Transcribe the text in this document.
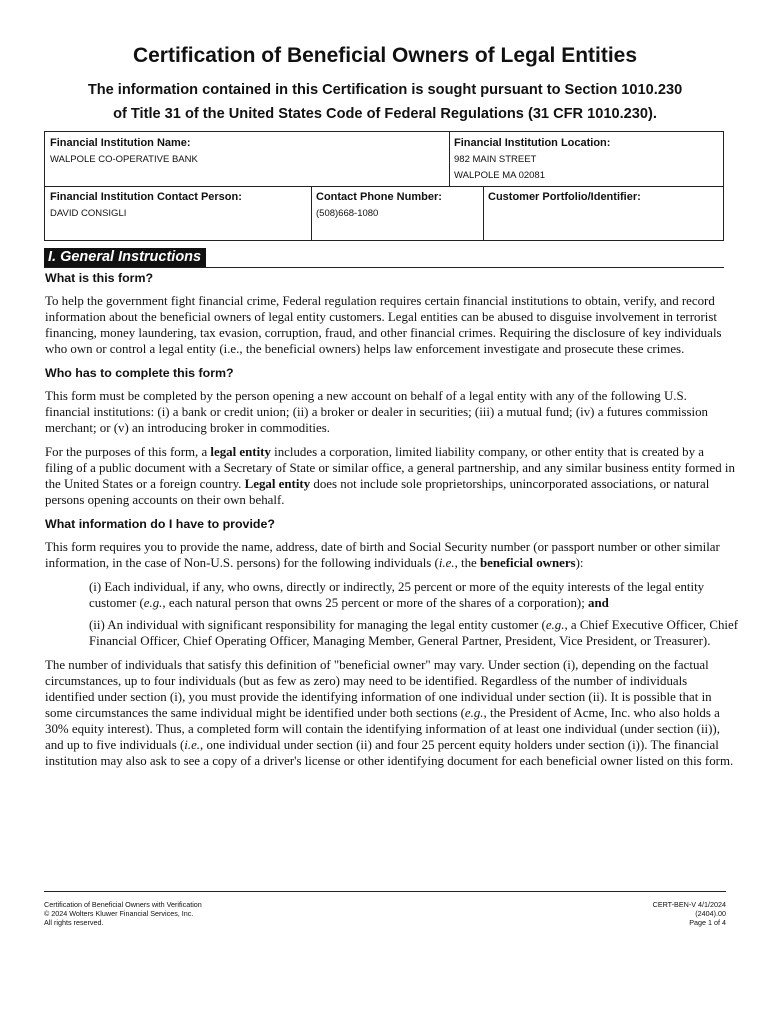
Certification of Beneficial Owners of Legal Entities
The information contained in this Certification is sought pursuant to Section 1010.230
of Title 31 of the United States Code of Federal Regulations (31 CFR 1010.230).
Financial Institution Name:
WALPOLE CO-OPERATIVE BANK
Financial Institution Location:
982 MAIN STREET
WALPOLE MA 02081
Financial Institution Contact Person:
DAVID CONSIGLI
Contact Phone Number:
(508)668-1080
Customer Portfolio/Identifier:
I. General Instructions
What is this form?
To help the government fight financial crime, Federal regulation requires certain financial institutions to obtain, verify, and record information about the beneficial owners of legal entity customers. Legal entities can be abused to disguise involvement in terrorist financing, money laundering, tax evasion, corruption, fraud, and other financial crimes. Requiring the disclosure of key individuals who own or control a legal entity (i.e., the beneficial owners) helps law enforcement investigate and prosecute these crimes.
Who has to complete this form?
This form must be completed by the person opening a new account on behalf of a legal entity with any of the following U.S. financial institutions: (i) a bank or credit union; (ii) a broker or dealer in securities; (iii) a mutual fund; (iv) a futures commission merchant; or (v) an introducing broker in commodities.
For the purposes of this form, a legal entity includes a corporation, limited liability company, or other entity that is created by a filing of a public document with a Secretary of State or similar office, a general partnership, and any similar business entity formed in the United States or a foreign country. Legal entity does not include sole proprietorships, unincorporated associations, or natural persons opening accounts on their own behalf.
What information do I have to provide?
This form requires you to provide the name, address, date of birth and Social Security number (or passport number or other similar information, in the case of Non-U.S. persons) for the following individuals (i.e., the beneficial owners):
(i) Each individual, if any, who owns, directly or indirectly, 25 percent or more of the equity interests of the legal entity customer (e.g., each natural person that owns 25 percent or more of the shares of a corporation); and
(ii) An individual with significant responsibility for managing the legal entity customer (e.g., a Chief Executive Officer, Chief Financial Officer, Chief Operating Officer, Managing Member, General Partner, President, Vice President, or Treasurer).
The number of individuals that satisfy this definition of "beneficial owner" may vary. Under section (i), depending on the factual circumstances, up to four individuals (but as few as zero) may need to be identified. Regardless of the number of individuals identified under section (i), you must provide the identifying information of one individual under section (ii). It is possible that in some circumstances the same individual might be identified under both sections (e.g., the President of Acme, Inc. who also holds a 30% equity interest). Thus, a completed form will contain the identifying information of at least one individual (under section (ii)), and up to five individuals (i.e., one individual under section (ii) and four 25 percent equity holders under section (i)). The financial institution may also ask to see a copy of a driver's license or other identifying document for each beneficial owner listed on this form.
Certification of Beneficial Owners with Verification
© 2024 Wolters Kluwer Financial Services, Inc.
All rights reserved.
CERT-BEN-V 4/1/2024
(2404).00
Page 1 of 4
